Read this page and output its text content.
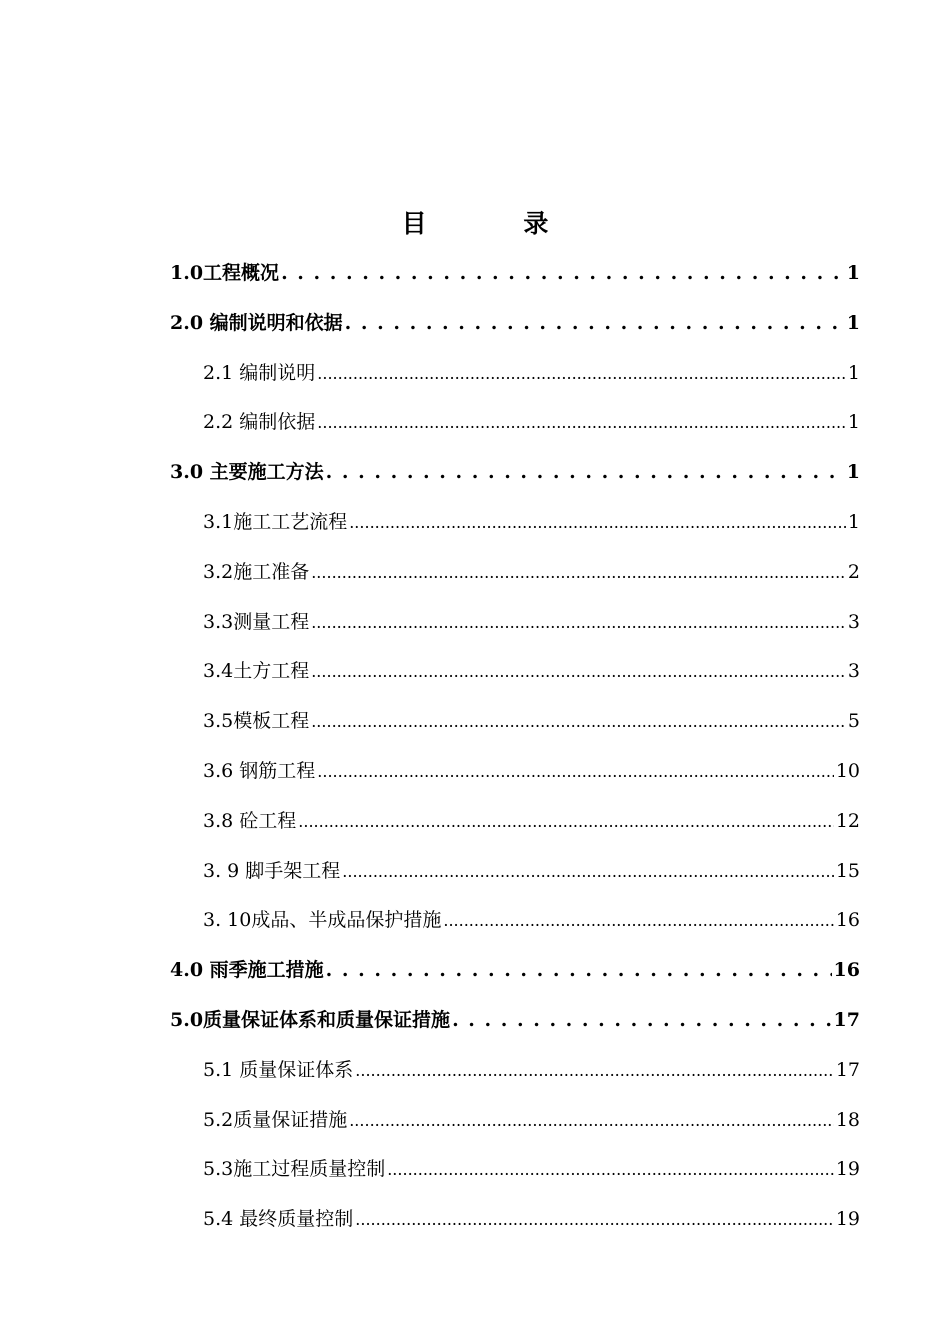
目 录
1.0工程概况 . . .	1
2.0 编制说明和依据 . . .	1
2.1 编制说明 .....	1
2.2 编制依据 .....	1
3.0 主要施工方法 . . .	1
3.1施工工艺流程 .....	1
3.2施工准备 .....	2
3.3测量工程 .....	3
3.4土方工程 .....	3
3.5模板工程 .....	5
3.6 钢筋工程 .....	10
3.8 砼工程 .....	12
3. 9 脚手架工程 .....	15
3. 10成品、半成品保护措施 .....	16
4.0 雨季施工措施 . . .	16
5.0质量保证体系和质量保证措施 . . .	17
5.1 质量保证体系 .....	17
5.2质量保证措施 .....	18
5.3施工过程质量控制 .....	19
5.4 最终质量控制 .....	19
